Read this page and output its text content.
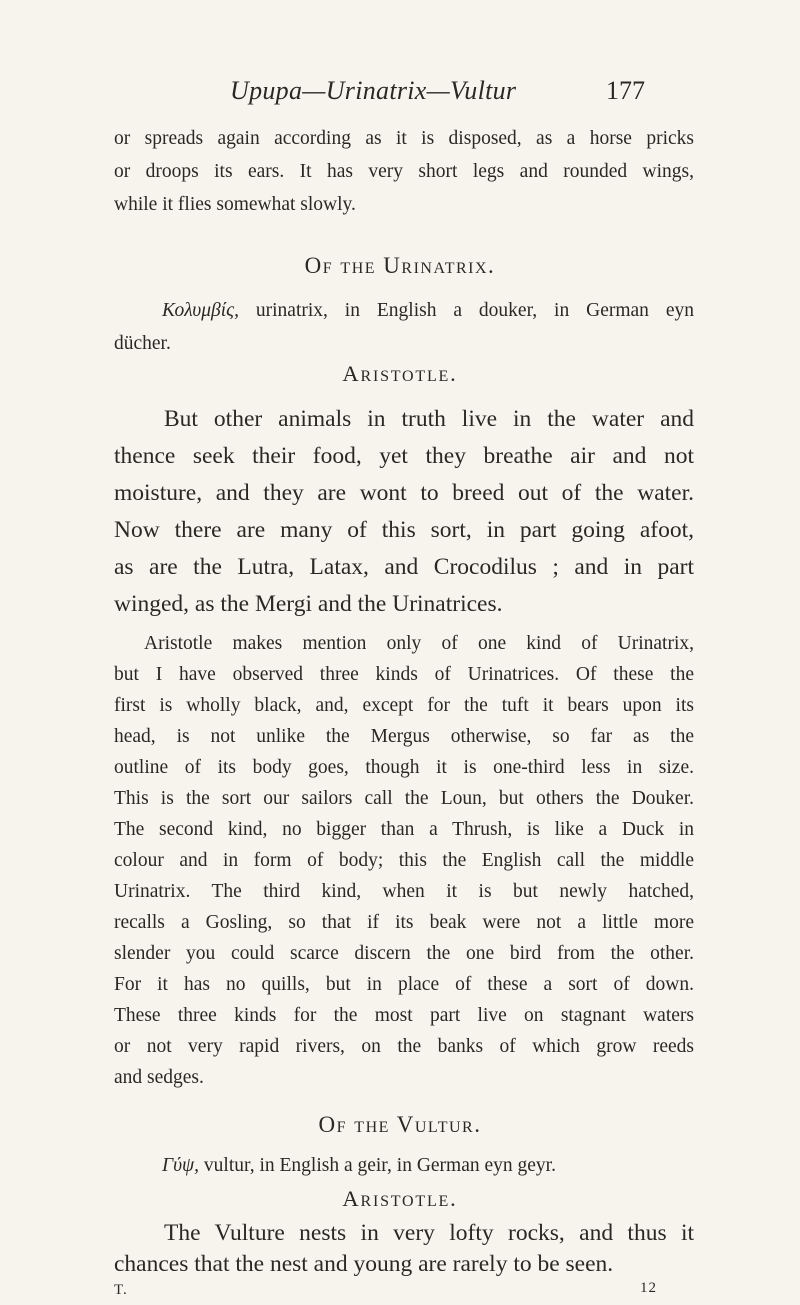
Upupa—Urinatrix—Vultur	177

or spreads again according as it is disposed, as a horse pricks

or droops its ears. It has very short legs and rounded wings,

while it flies somewhat slowly.

Of the Urinatrix.

Κολυμβίς, urinatrix, in English a douker, in German eyn

dücher.

Aristotle.

But other animals in truth live in the water and

thence seek their food, yet they breathe air and not

moisture, and they are wont to breed out of the water.

Now there are many of this sort, in part going afoot,

as are the Lutra, Latax, and Crocodilus ; and in part

winged, as the Mergi and the Urinatrices.

Aristotle makes mention only of one kind of Urinatrix,

but I have observed three kinds of Urinatrices. Of these the

first is wholly black, and, except for the tuft it bears upon its

head, is not unlike the Mergus otherwise, so far as the

outline of its body goes, though it is one-third less in size.

This is the sort our sailors call the Loun, but others the Douker.

The second kind, no bigger than a Thrush, is like a Duck in

colour and in form of body; this the English call the middle

Urinatrix. The third kind, when it is but newly hatched,

recalls a Gosling, so that if its beak were not a little more

slender you could scarce discern the one bird from the other.

For it has no quills, but in place of these a sort of down.

These three kinds for the most part live on stagnant waters

or not very rapid rivers, on the banks of which grow reeds

and sedges.

Of the Vultur.

Γύψ, vultur, in English a geir, in German eyn geyr.

T.	12

Aristotle.

The Vulture nests in very lofty rocks, and thus it

chances that the nest and young are rarely to be seen.
